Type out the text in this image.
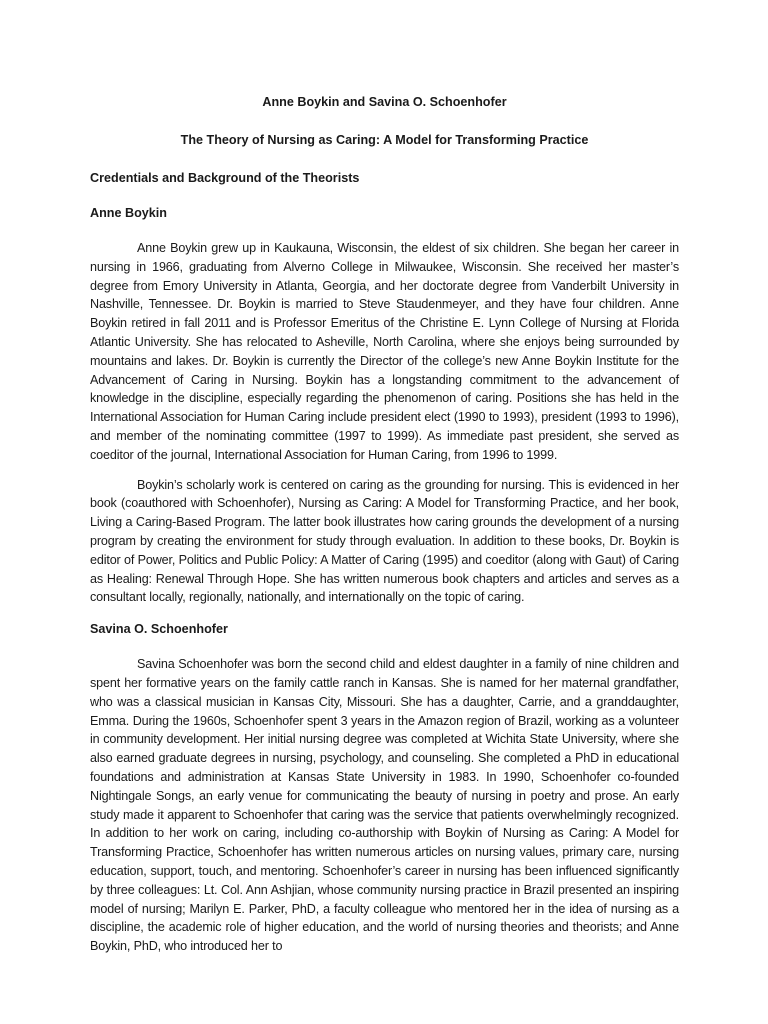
Anne Boykin and Savina O. Schoenhofer
The Theory of Nursing as Caring: A Model for Transforming Practice
Credentials and Background of the Theorists
Anne Boykin

Anne Boykin grew up in Kaukauna, Wisconsin, the eldest of six children. She began her career in nursing in 1966, graduating from Alverno College in Milwaukee, Wisconsin. She received her master’s degree from Emory University in Atlanta, Georgia, and her doctorate degree from Vanderbilt University in Nashville, Tennessee. Dr. Boykin is married to Steve Staudenmeyer, and they have four children. Anne Boykin retired in fall 2011 and is Professor Emeritus of the Christine E. Lynn College of Nursing at Florida Atlantic University. She has relocated to Asheville, North Carolina, where she enjoys being surrounded by mountains and lakes. Dr. Boykin is currently the Director of the college’s new Anne Boykin Institute for the Advancement of Caring in Nursing. Boykin has a longstanding commitment to the advancement of knowledge in the discipline, especially regarding the phenomenon of caring. Positions she has held in the International Association for Human Caring include president elect (1990 to 1993), president (1993 to 1996), and member of the nominating committee (1997 to 1999). As immediate past president, she served as coeditor of the journal, International Association for Human Caring, from 1996 to 1999.

Boykin’s scholarly work is centered on caring as the grounding for nursing. This is evidenced in her book (coauthored with Schoenhofer), Nursing as Caring: A Model for Transforming Practice, and her book, Living a Caring-Based Program. The latter book illustrates how caring grounds the development of a nursing program by creating the environment for study through evaluation. In addition to these books, Dr. Boykin is editor of Power, Politics and Public Policy: A Matter of Caring (1995) and coeditor (along with Gaut) of Caring as Healing: Renewal Through Hope. She has written numerous book chapters and articles and serves as a consultant locally, regionally, nationally, and internationally on the topic of caring.

Savina O. Schoenhofer

Savina Schoenhofer was born the second child and eldest daughter in a family of nine children and spent her formative years on the family cattle ranch in Kansas. She is named for her maternal grandfather, who was a classical musician in Kansas City, Missouri. She has a daughter, Carrie, and a granddaughter, Emma. During the 1960s, Schoenhofer spent 3 years in the Amazon region of Brazil, working as a volunteer in community development. Her initial nursing degree was completed at Wichita State University, where she also earned graduate degrees in nursing, psychology, and counseling. She completed a PhD in educational foundations and administration at Kansas State University in 1983. In 1990, Schoenhofer co-founded Nightingale Songs, an early venue for communicating the beauty of nursing in poetry and prose. An early study made it apparent to Schoenhofer that caring was the service that patients overwhelmingly recognized. In addition to her work on caring, including co-authorship with Boykin of Nursing as Caring: A Model for Transforming Practice, Schoenhofer has written numerous articles on nursing values, primary care, nursing education, support, touch, and mentoring. Schoenhofer’s career in nursing has been influenced significantly by three colleagues: Lt. Col. Ann Ashjian, whose community nursing practice in Brazil presented an inspiring model of nursing; Marilyn E. Parker, PhD, a faculty colleague who mentored her in the idea of nursing as a discipline, the academic role of higher education, and the world of nursing theories and theorists; and Anne Boykin, PhD, who introduced her to
